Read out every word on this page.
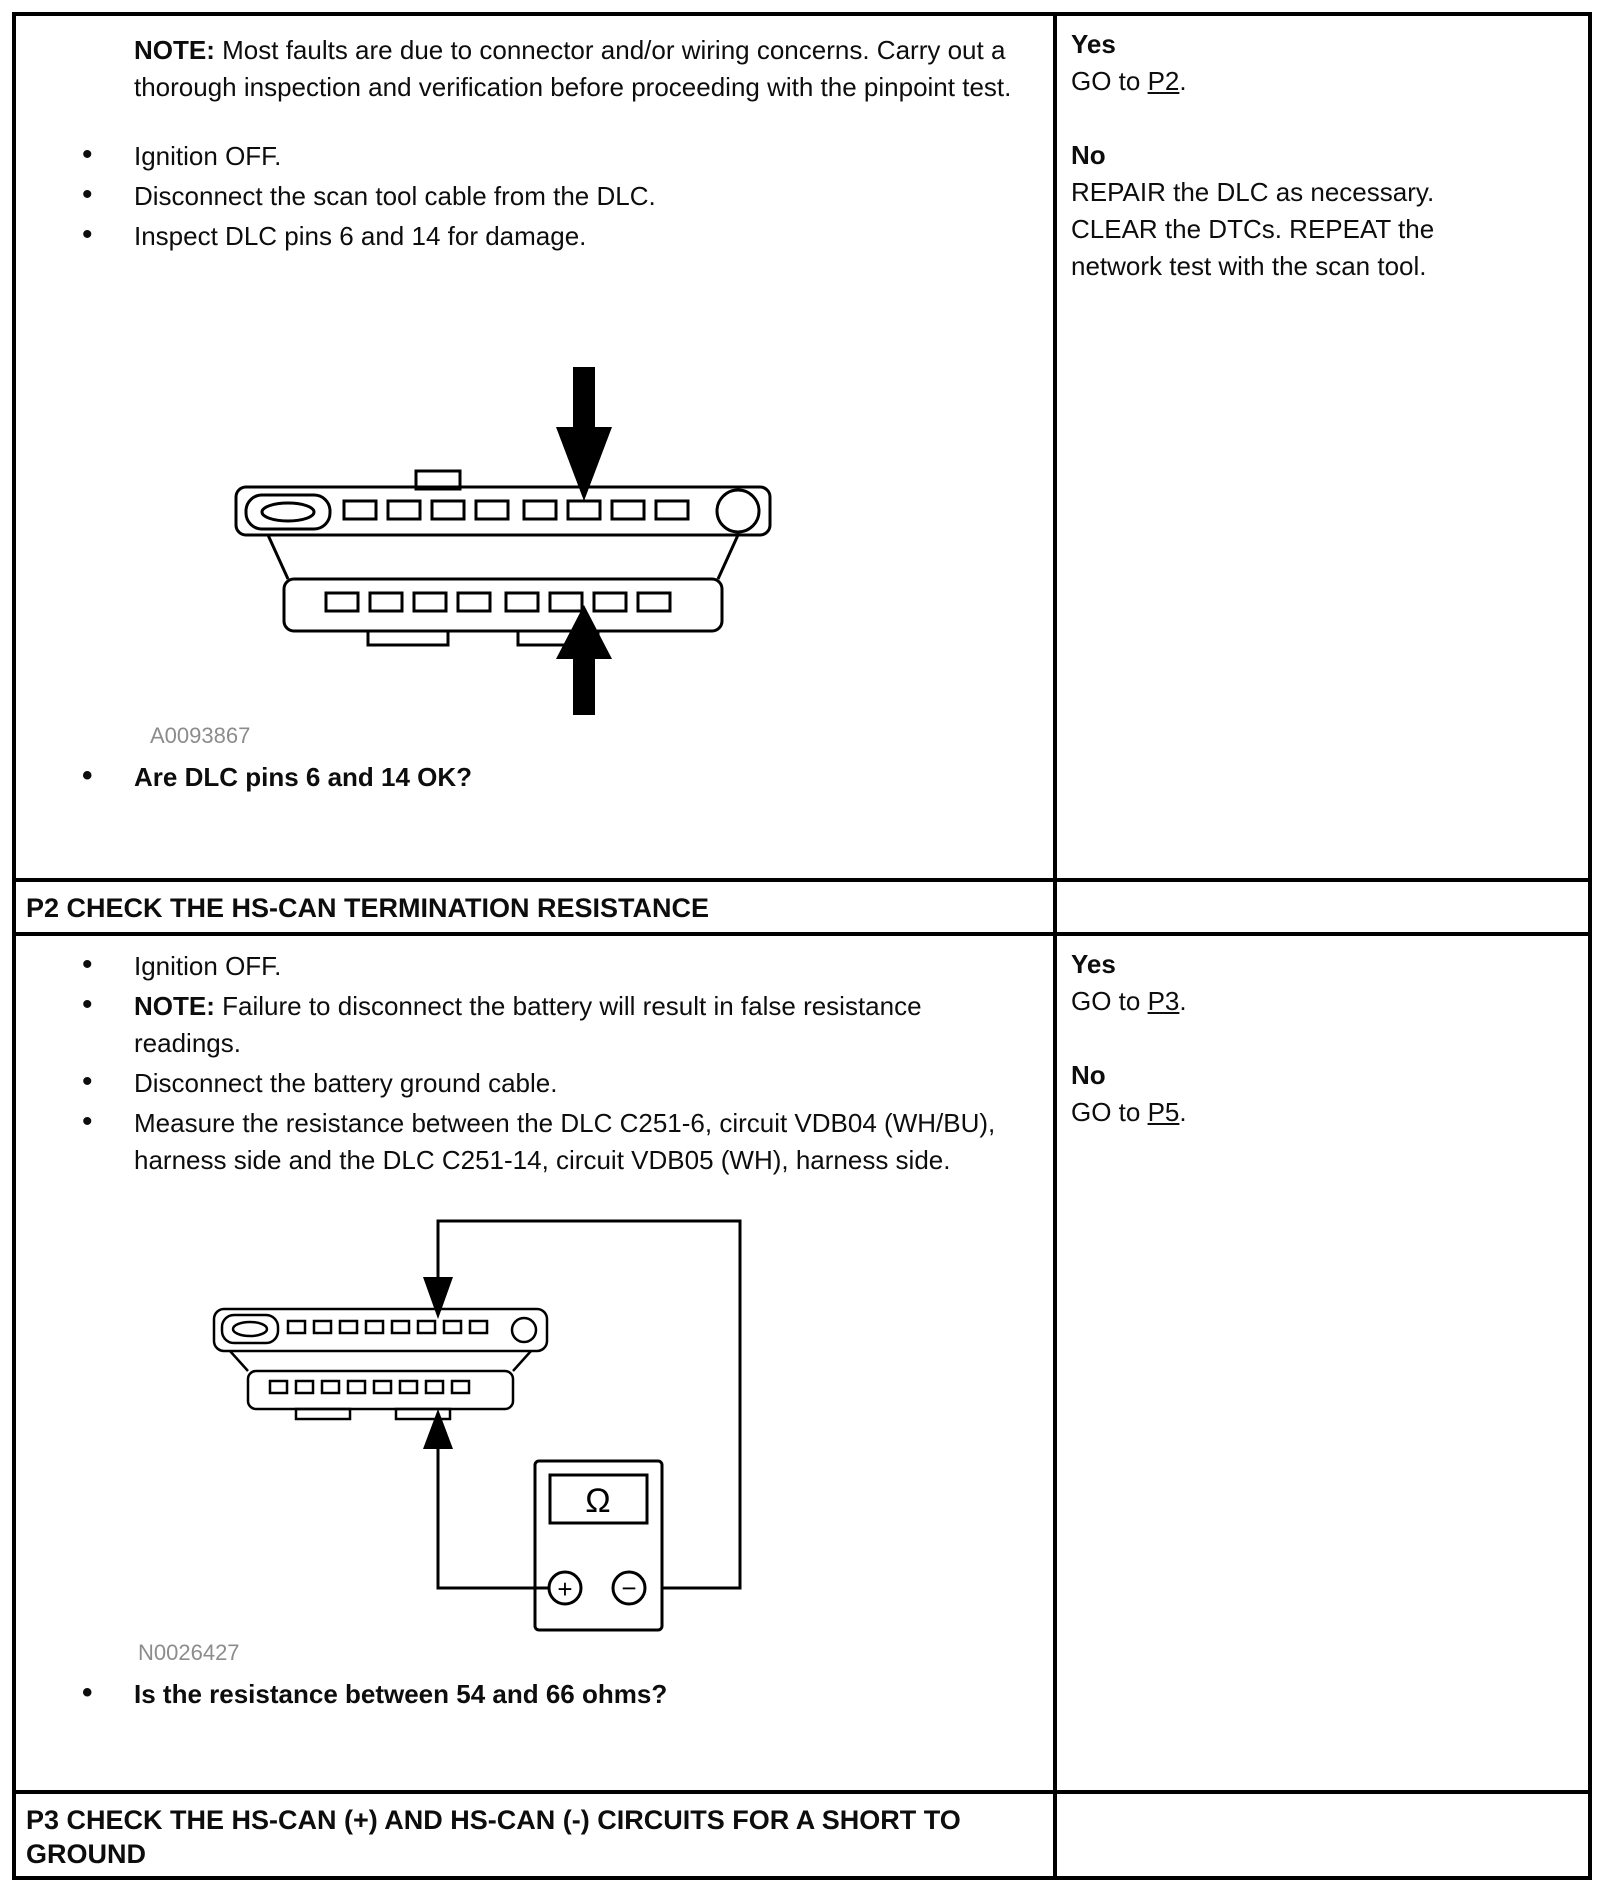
NOTE: Most faults are due to connector and/or wiring concerns. Carry out a thorough inspection and verification before proceeding with the pinpoint test.

• Ignition OFF.
• Disconnect the scan tool cable from the DLC.
• Inspect DLC pins 6 and 14 for damage.
A0093867
• Are DLC pins 6 and 14 OK?
Yes
GO to P2.
No
REPAIR the DLC as necessary. CLEAR the DTCs. REPEAT the network test with the scan tool.
P2 CHECK THE HS-CAN TERMINATION RESISTANCE
• Ignition OFF.
• NOTE: Failure to disconnect the battery will result in false resistance readings.
• Disconnect the battery ground cable.
• Measure the resistance between the DLC C251-6, circuit VDB04 (WH/BU), harness side and the DLC C251-14, circuit VDB05 (WH), harness side.
Ω
+ −
N0026427
• Is the resistance between 54 and 66 ohms?
Yes
GO to P3.
No
GO to P5.
P3 CHECK THE HS-CAN (+) AND HS-CAN (-) CIRCUITS FOR A SHORT TO GROUND
